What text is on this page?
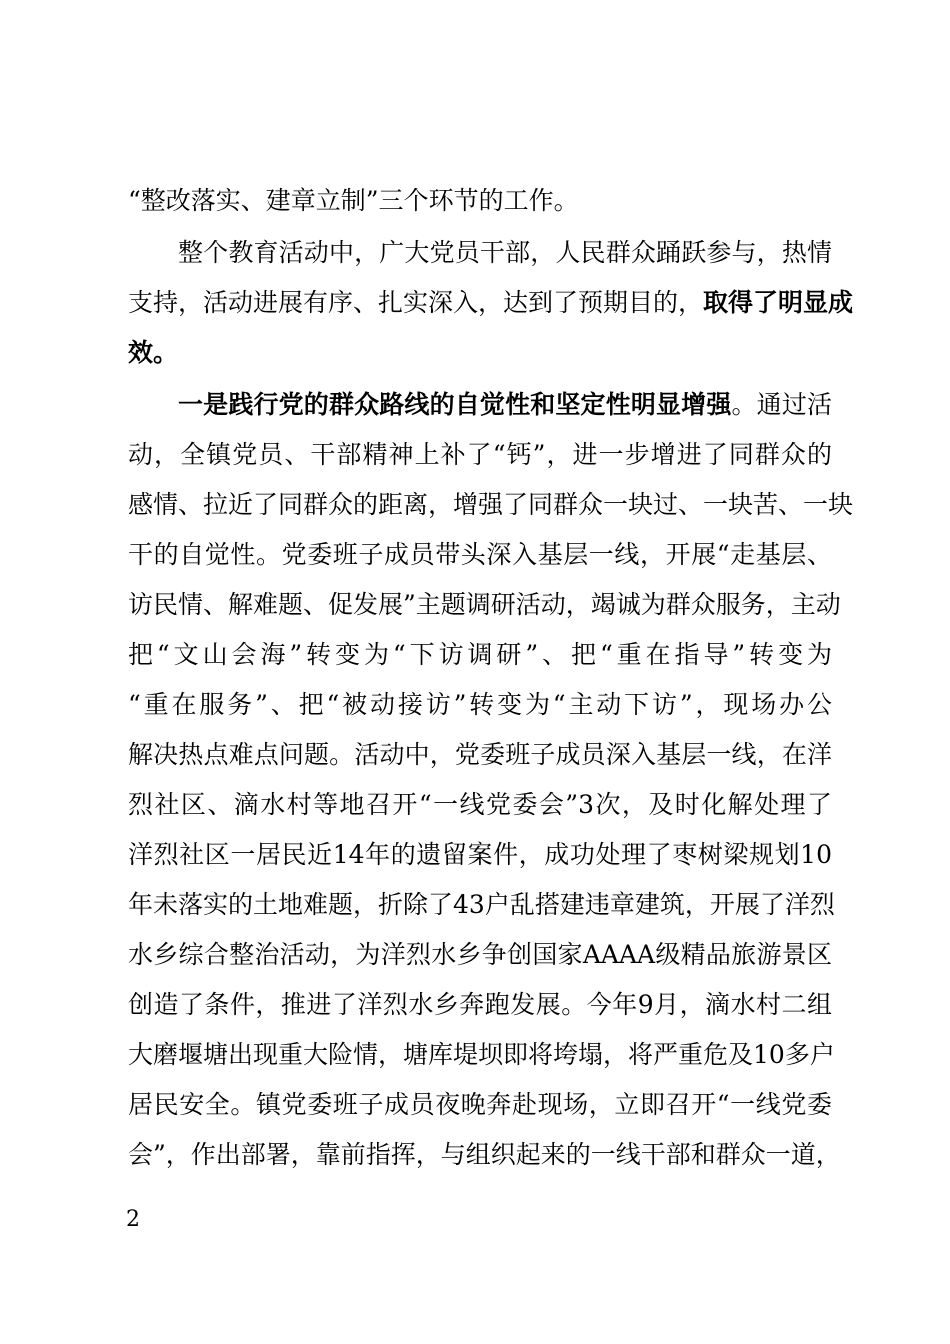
“整改落实、建章立制”三个环节的工作。
整个教育活动中，广大党员干部，人民群众踊跃参与，热情
支持，活动进展有序、扎实深入，达到了预期目的，取得了明显成
效。
一是践行党的群众路线的自觉性和坚定性明显增强。通过活
动，全镇党员、干部精神上补了“钙”，进一步增进了同群众的
感情、拉近了同群众的距离，增强了同群众一块过、一块苦、一块
干的自觉性。党委班子成员带头深入基层一线，开展“走基层、
访民情、解难题、促发展”主题调研活动，竭诚为群众服务，主动
把“文山会海”转变为“下访调研”、把“重在指导”转变为
“重在服务”、把“被动接访”转变为“主动下访”，现场办公
解决热点难点问题。活动中，党委班子成员深入基层一线，在洋
烈社区、滴水村等地召开“一线党委会”3次，及时化解处理了
洋烈社区一居民近14年的遗留案件，成功处理了枣树梁规划10
年未落实的土地难题，折除了43户乱搭建违章建筑，开展了洋烈
水乡综合整治活动，为洋烈水乡争创国家AAAA级精品旅游景区
创造了条件，推进了洋烈水乡奔跑发展。今年9月，滴水村二组
大磨堰塘出现重大险情，塘库堤坝即将垮塌，将严重危及10多户
居民安全。镇党委班子成员夜晚奔赴现场，立即召开“一线党委
会”，作出部署，靠前指挥，与组织起来的一线干部和群众一道，
2
